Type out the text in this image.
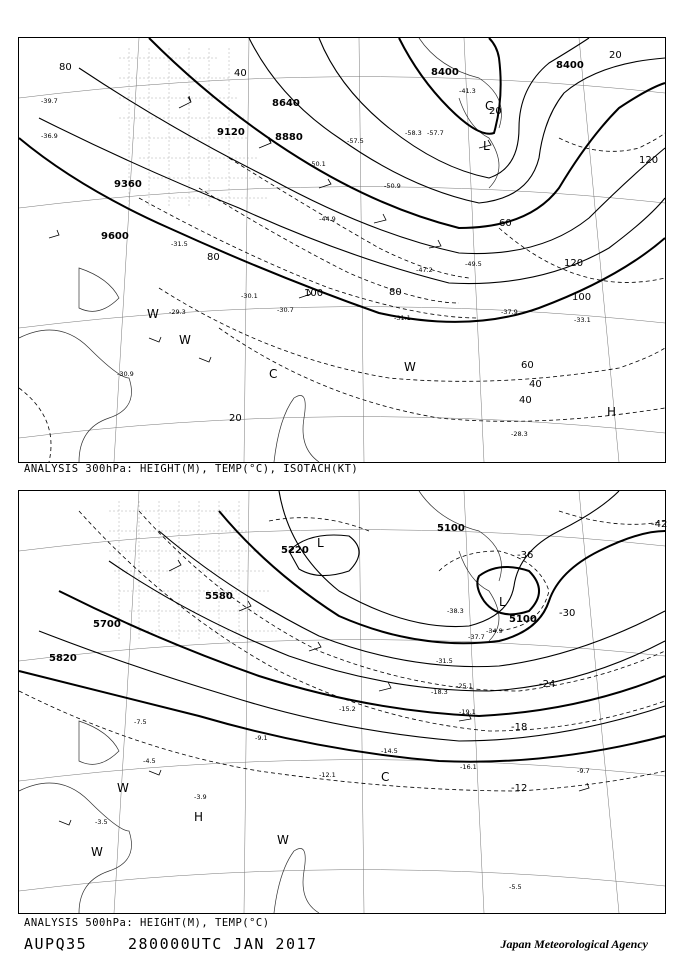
9600
9360
9120	8880
8640
8400
8400
20
40
60
80
100
120
120
100
80
60
40
20
20
40
80
L
C
C	W
W
W
H
-49.5
-47.2
-31.1
-28.3
-33.1
-37.9
-50.9
-44.9
-58.3 -57.7
-57.5
-50.1
-39.7
-31.5
-30.1
-29.3	-30.7
-36.9
-30.9
-41.3
ANALYSIS 300hPa: HEIGHT(M), TEMP(°C), ISOTACH(KT)
5820
5700
5580
5220
5100
5100	-42
-36
-30
-24
-18
-12
L
L
H
W
W
W
C
-38.3
-37.7
-34.9
-31.5
-25.1
-19.1
-18.3
-16.1
-14.5
-9.7
-5.5
-15.2
-12.1
-9.1
-7.5
-4.5
-3.5
-3.9
ANALYSIS 500hPa: HEIGHT(M), TEMP(°C)
AUPQ35	280000UTC JAN 2017	Japan Meteorological Agency
